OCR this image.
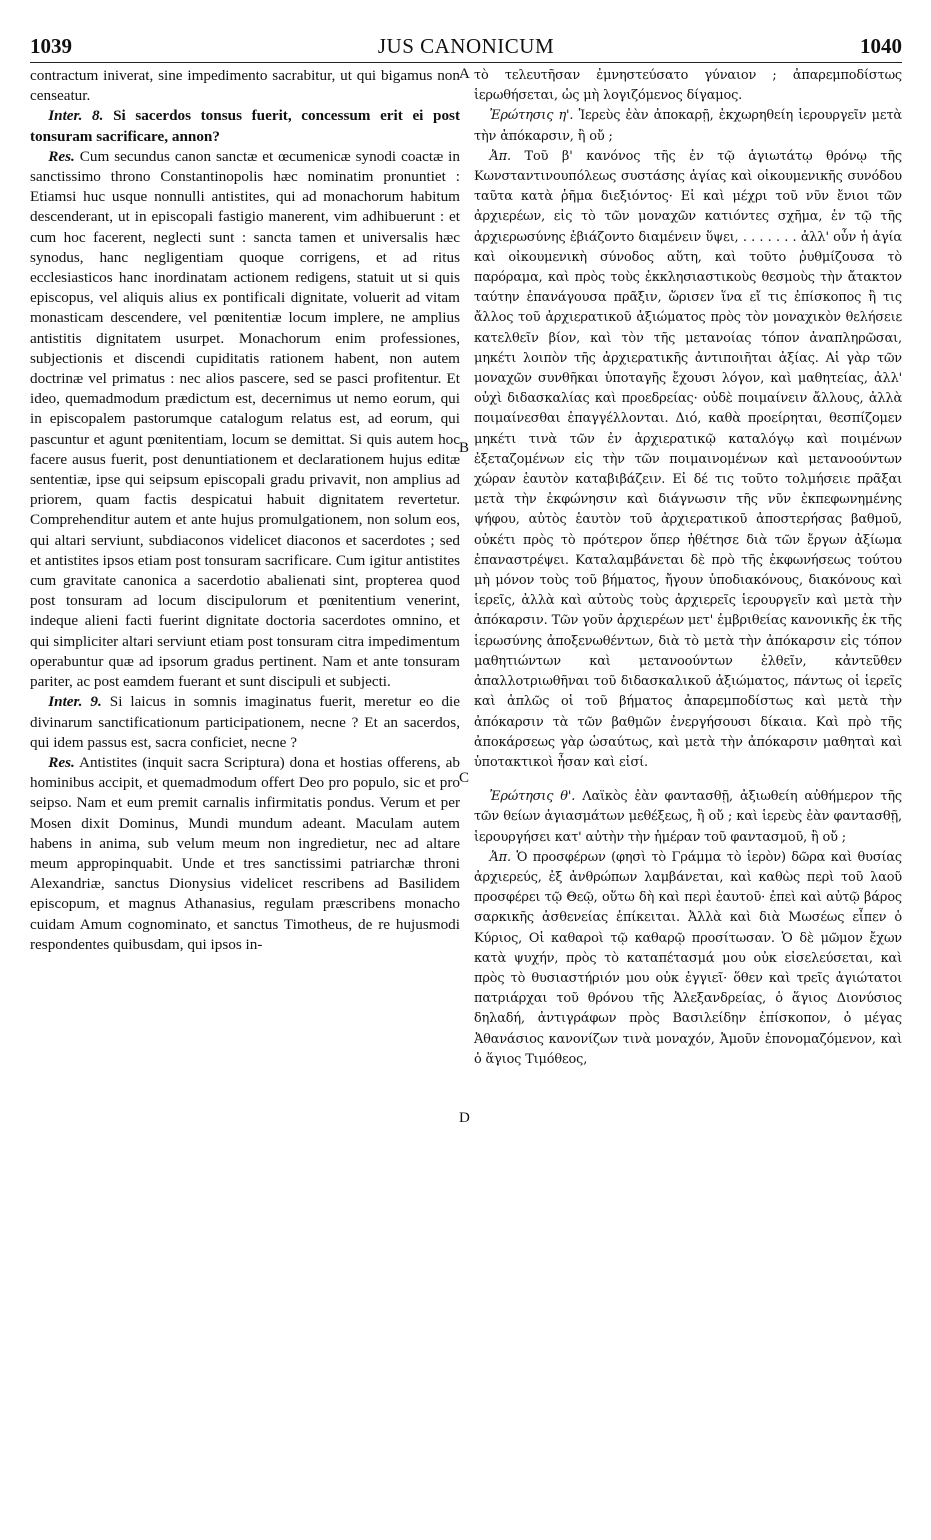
1039	JUS CANONICUM	1040

contractum iniverat, sine impedimento sacrabitur, ut qui bigamus non censeatur.

Inter. 8. Si sacerdos tonsus fuerit, concessum erit ei post tonsuram sacrificare, annon?

Res. Cum secundus canon sanctæ et œcumenicæ synodi coactæ in sanctissimo throno Constantinopolis hæc nominatim pronuntiet : Etiamsi huc usque nonnulli antistites, qui ad monachorum habitum descenderant, ut in episcopali fastigio manerent, vim adhibuerunt : et cum hoc facerent, neglecti sunt : sancta tamen et universalis hæc synodus, hanc negligentiam quoque corrigens, et ad ritus ecclesiasticos hanc inordinatam actionem redigens, statuit ut si quis episcopus, vel aliquis alius ex pontificali dignitate, voluerit ad vitam monasticam descendere, vel pœnitentiæ locum implere, ne amplius antistitis dignitatem usurpet. Monachorum enim professiones, subjectionis et discendi cupiditatis rationem habent, non autem doctrinæ vel primatus : nec alios pascere, sed se pasci profitentur. Et ideo, quemadmodum prædictum est, decernimus ut nemo eorum, qui in episcopalem pastorumque catalogum relatus est, ad eorum, qui pascuntur et agunt pœnitentiam, locum se demittat. Si quis autem hoc facere ausus fuerit, post denuntiationem et declarationem hujus editæ sententiæ, ipse qui seipsum episcopali gradu privavit, non amplius ad priorem, quam factis despicatui habuit dignitatem revertetur. Comprehenditur autem et ante hujus promulgationem, non solum eos, qui altari serviunt, subdiaconos videlicet diaconos et sacerdotes ; sed et antistites ipsos etiam post tonsuram sacrificare. Cum igitur antistites cum gravitate canonica a sacerdotio abalienati sint, propterea quod post tonsuram ad locum discipulorum et pœnitentium venerint, indeque alieni facti fuerint dignitate doctoria sacerdotes omnino, et qui simpliciter altari serviunt etiam post tonsuram citra impedimentum operabuntur quæ ad ipsorum gradus pertinent. Nam et ante tonsuram pariter, ac post eamdem fuerant et sunt discipuli et subjecti.

Inter. 9. Si laicus in somnis imaginatus fuerit, meretur eo die divinarum sanctificationum participationem, necne ? Et an sacerdos, qui idem passus est, sacra conficiet, necne ?

Res. Antistites (inquit sacra Scriptura) dona et hostias offerens, ab hominibus accipit, et quemadmodum offert Deo pro populo, sic et pro seipso. Nam et eum premit carnalis infirmitatis pondus. Verum et per Mosen dixit Dominus, Mundi mundum adeant. Maculam autem habens in anima, sub velum meum non ingredietur, nec ad altare meum appropinquabit. Unde et tres sanctissimi patriarchæ throni Alexandriæ, sanctus Dionysius videlicet rescribens ad Basilidem episcopum, et magnus Athanasius, regulam præscribens monacho cuidam Amum cognominato, et sanctus Timotheus, de re hujusmodi respondentes quibusdam, qui ipsos in-

A
B
C
D

τὸ τελευτῆσαν ἐμνηστεύσατο γύναιον ; ἀπαρεμποδίστως ἱερωθήσεται, ὡς μὴ λογιζόμενος δίγαμος.

Ἐρώτησις η'. Ἱερεὺς ἐὰν ἀποκαρῇ, ἐκχωρηθείη ἱερουργεῖν μετὰ τὴν ἀπόκαρσιν, ἢ οὔ ;

Ἀπ. Τοῦ β' κανόνος τῆς ἐν τῷ ἁγιωτάτῳ θρόνῳ τῆς Κωνσταντινουπόλεως συστάσης ἁγίας καὶ οἰκουμενικῆς συνόδου ταῦτα κατὰ ῥῆμα διεξιόντος· Εἰ καὶ μέχρι τοῦ νῦν ἔνιοι τῶν ἀρχιερέων, εἰς τὸ τῶν μοναχῶν κατιόντες σχῆμα, ἐν τῷ τῆς ἀρχιερωσύνης ἐβιάζοντο διαμένειν ὕψει, . . . . . . . ἀλλ' οὖν ἡ ἁγία καὶ οἰκουμενικὴ σύνοδος αὕτη, καὶ τοῦτο ῥυθμίζουσα τὸ παρόραμα, καὶ πρὸς τοὺς ἐκκλησιαστικοὺς θεσμοὺς τὴν ἄτακτον ταύτην ἐπανάγουσα πρᾶξιν, ὥρισεν ἵνα εἴ τις ἐπίσκοπος ἢ τις ἄλλος τοῦ ἀρχιερατικοῦ ἀξιώματος πρὸς τὸν μοναχικὸν θελήσειε κατελθεῖν βίον, καὶ τὸν τῆς μετανοίας τόπον ἀναπληρῶσαι, μηκέτι λοιπὸν τῆς ἀρχιερατικῆς ἀντιποιῆται ἀξίας. Αἱ γὰρ τῶν μοναχῶν συνθῆκαι ὑποταγῆς ἔχουσι λόγον, καὶ μαθητείας, ἀλλ' οὐχὶ διδασκαλίας καὶ προεδρείας· οὐδὲ ποιμαίνειν ἄλλους, ἀλλὰ ποιμαίνεσθαι ἐπαγγέλλονται. Διό, καθὰ προείρηται, θεσπίζομεν μηκέτι τινὰ τῶν ἐν ἀρχιερατικῷ καταλόγῳ καὶ ποιμένων ἐξεταζομένων εἰς τὴν τῶν ποιμαινομένων καὶ μετανοούντων χώραν ἑαυτὸν καταβιβάζειν. Εἰ δέ τις τοῦτο τολμήσειε πρᾶξαι μετὰ τὴν ἐκφώνησιν καὶ διάγνωσιν τῆς νῦν ἐκπεφωνημένης ψήφου, αὐτὸς ἑαυτὸν τοῦ ἀρχιερατικοῦ ἀποστερήσας βαθμοῦ, οὐκέτι πρὸς τὸ πρότερον ὅπερ ἠθέτησε διὰ τῶν ἔργων ἀξίωμα ἐπαναστρέψει. Καταλαμβάνεται δὲ πρὸ τῆς ἐκφωνήσεως τούτου μὴ μόνον τοὺς τοῦ βήματος, ἤγουν ὑποδιακόνους, διακόνους καὶ ἱερεῖς, ἀλλὰ καὶ αὐτοὺς τοὺς ἀρχιερεῖς ἱερουργεῖν καὶ μετὰ τὴν ἀπόκαρσιν. Τῶν γοῦν ἀρχιερέων μετ' ἐμβριθείας κανονικῆς ἐκ τῆς ἱερωσύνης ἀποξενωθέντων, διὰ τὸ μετὰ τὴν ἀπόκαρσιν εἰς τόπον μαθητιώντων καὶ μετανοούντων ἐλθεῖν, κἀντεῦθεν ἀπαλλοτριωθῆναι τοῦ διδασκαλικοῦ ἀξιώματος, πάντως οἱ ἱερεῖς καὶ ἁπλῶς οἱ τοῦ βήματος ἀπαρεμποδίστως καὶ μετὰ τὴν ἀπόκαρσιν τὰ τῶν βαθμῶν ἐνεργήσουσι δίκαια. Καὶ πρὸ τῆς ἀποκάρσεως γὰρ ὡσαύτως, καὶ μετὰ τὴν ἀπόκαρσιν μαθηταὶ καὶ ὑποτακτικοὶ ἦσαν καὶ εἰσί.

Ἐρώτησις θ'. Λαϊκὸς ἐὰν φαντασθῇ, ἀξιωθείη αὐθήμερον τῆς τῶν θείων ἁγιασμάτων μεθέξεως, ἢ οὔ ; καὶ ἱερεὺς ἐὰν φαντασθῇ, ἱερουργήσει κατ' αὐτὴν τὴν ἡμέραν τοῦ φαντασμοῦ, ἢ οὔ ;

Ἀπ. Ὁ προσφέρων (φησὶ τὸ Γράμμα τὸ ἱερὸν) δῶρα καὶ θυσίας ἀρχιερεύς, ἐξ ἀνθρώπων λαμβάνεται, καὶ καθὼς περὶ τοῦ λαοῦ προσφέρει τῷ Θεῷ, οὕτω δὴ καὶ περὶ ἑαυτοῦ· ἐπεὶ καὶ αὐτῷ βάρος σαρκικῆς ἀσθενείας ἐπίκειται. Ἀλλὰ καὶ διὰ Μωσέως εἶπεν ὁ Κύριος, Οἱ καθαροὶ τῷ καθαρῷ προσίτωσαν. Ὁ δὲ μῶμον ἔχων κατὰ ψυχήν, πρὸς τὸ καταπέτασμά μου οὐκ εἰσελεύσεται, καὶ πρὸς τὸ θυσιαστήριόν μου οὐκ ἐγγιεῖ· ὅθεν καὶ τρεῖς ἁγιώτατοι πατριάρχαι τοῦ θρόνου τῆς Ἀλεξανδρείας, ὁ ἅγιος Διονύσιος δηλαδή, ἀντιγράφων πρὸς Βασιλείδην ἐπίσκοπον, ὁ μέγας Ἀθανάσιος κανονίζων τινὰ μοναχόν, Ἀμοῦν ἐπονομαζόμενον, καὶ ὁ ἅγιος Τιμόθεος,
